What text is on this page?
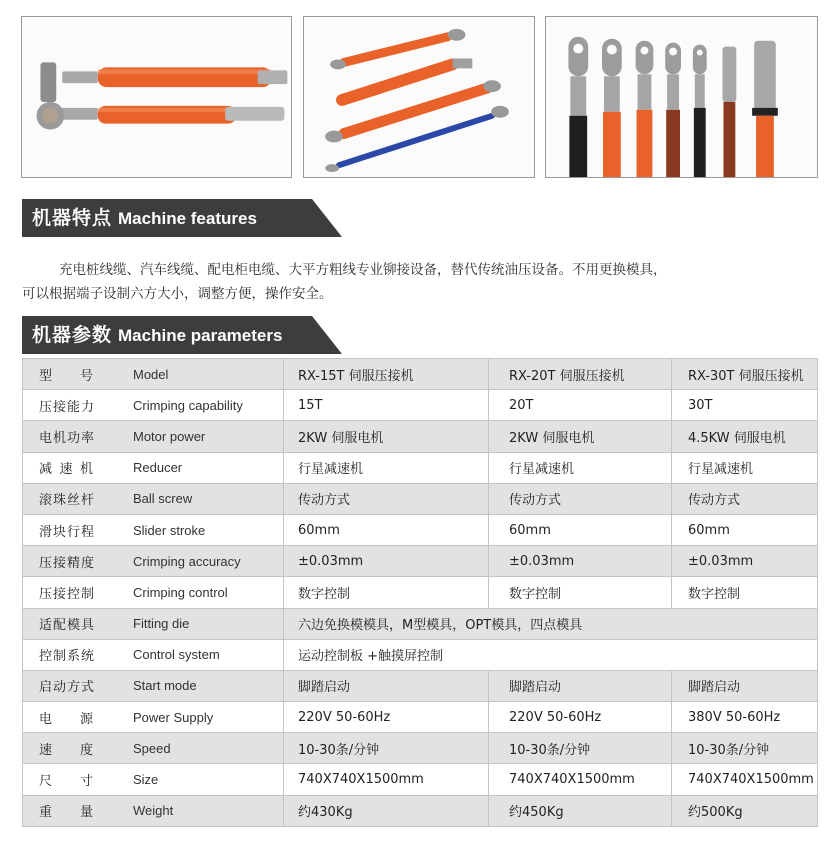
机器特点 Machine features
充电桩线缆、汽车线缆、配电柜电缆、大平方粗线专业铆接设备，替代传统油压设备。不用更换模具，
可以根据端子设制六方大小，调整方便，操作安全。
机器参数 Machine parameters
型 号	Model	RX-15T 伺服压接机	RX-20T 伺服压接机	RX-30T 伺服压接机
压接能力	Crimping capability	15T	20T	30T
电机功率	Motor power	2KW 伺服电机	2KW 伺服电机	4.5KW 伺服电机

减 速 机	Reducer	行星减速机	行星减速机	行星减速机
滚珠丝杆	Ball screw	传动方式	传动方式	传动方式
滑块行程	Slider stroke	60mm	60mm	60mm
压接精度	Crimping accuracy	±0.03mm	±0.03mm	±0.03mm
压接控制	Crimping control	数字控制	数字控制	数字控制
适配模具	Fitting die	六边免换模模具，M型模具，OPT模具，四点模具		
控制系统	Control system	运动控制板 +触摸屏控制		
启动方式	Start mode	脚踏启动	脚踏启动	脚踏启动

电 源	Power Supply	220V 50-60Hz	220V 50-60Hz	380V 50-60Hz

速 度	Speed	10-30条/分钟	10-30条/分钟	10-30条/分钟

尺 寸	Size	740X740X1500mm	740X740X1500mm	740X740X1500mm

重 量	Weight	约430Kg	约450Kg	约500Kg
